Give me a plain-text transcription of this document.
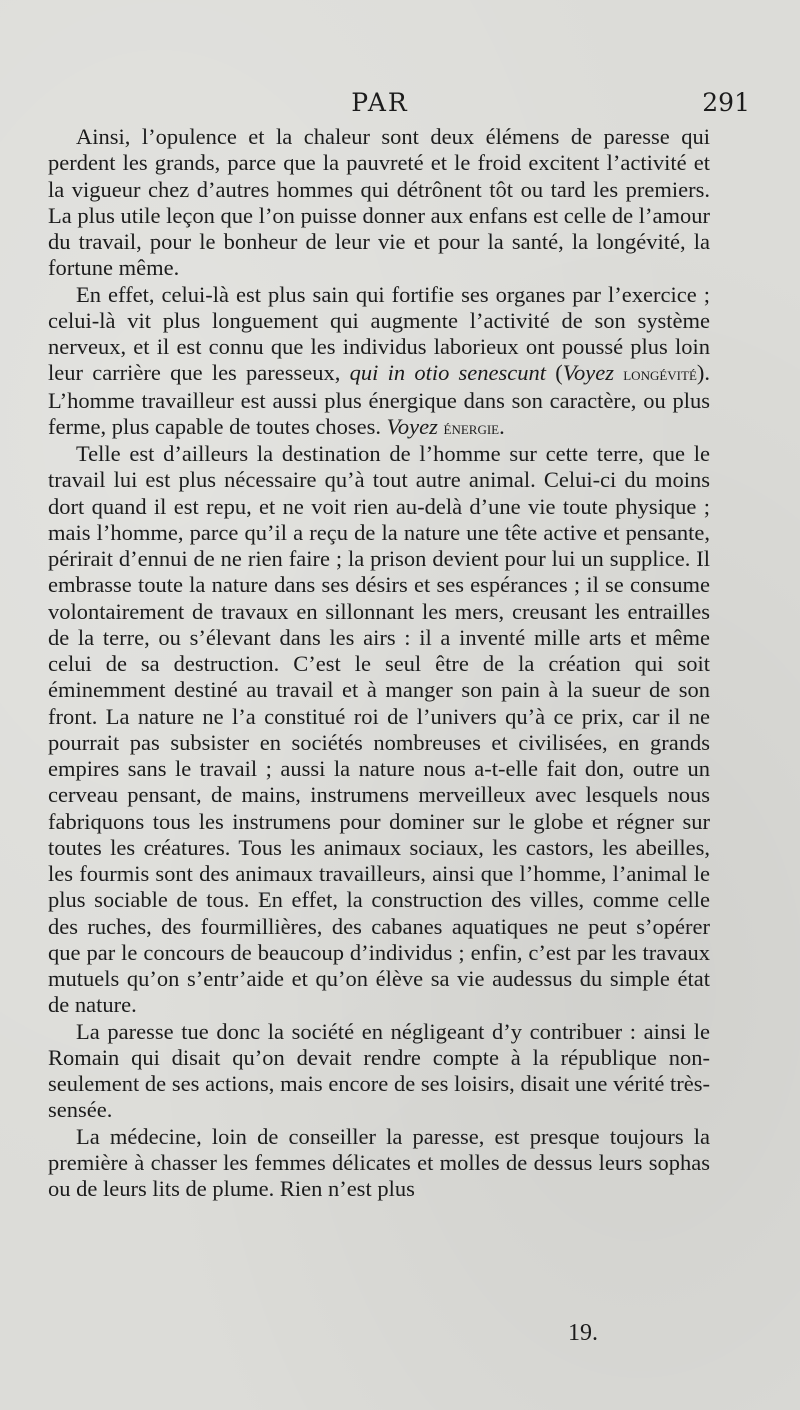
PAR	291

Ainsi, l’opulence et la chaleur sont deux élémens de paresse qui perdent les grands, parce que la pauvreté et le froid excitent l’activité et la vigueur chez d’autres hommes qui détrônent tôt ou tard les premiers. La plus utile leçon que l’on puisse donner aux enfans est celle de l’amour du travail, pour le bonheur de leur vie et pour la santé, la longévité, la fortune même.

En effet, celui-là est plus sain qui fortifie ses organes par l’exercice ; celui-là vit plus longuement qui augmente l’activité de son système nerveux, et il est connu que les individus laborieux ont poussé plus loin leur carrière que les paresseux, qui in otio senescunt (Voyez longévité). L’homme travailleur est aussi plus énergique dans son caractère, ou plus ferme, plus capable de toutes choses. Voyez énergie.

Telle est d’ailleurs la destination de l’homme sur cette terre, que le travail lui est plus nécessaire qu’à tout autre animal. Celui-ci du moins dort quand il est repu, et ne voit rien au-delà d’une vie toute physique ; mais l’homme, parce qu’il a reçu de la nature une tête active et pensante, périrait d’ennui de ne rien faire ; la prison devient pour lui un supplice. Il embrasse toute la nature dans ses désirs et ses espérances ; il se consume volontairement de travaux en sillonnant les mers, creusant les entrailles de la terre, ou s’élevant dans les airs : il a inventé mille arts et même celui de sa destruction. C’est le seul être de la création qui soit éminemment destiné au travail et à manger son pain à la sueur de son front. La nature ne l’a constitué roi de l’univers qu’à ce prix, car il ne pourrait pas subsister en sociétés nombreuses et civilisées, en grands empires sans le travail ; aussi la nature nous a-t-elle fait don, outre un cerveau pensant, de mains, instrumens merveilleux avec lesquels nous fabriquons tous les instrumens pour dominer sur le globe et régner sur toutes les créatures. Tous les animaux sociaux, les castors, les abeilles, les fourmis sont des animaux travailleurs, ainsi que l’homme, l’animal le plus sociable de tous. En effet, la construction des villes, comme celle des ruches, des fourmillières, des cabanes aquatiques ne peut s’opérer que par le concours de beaucoup d’individus ; enfin, c’est par les travaux mutuels qu’on s’entr’aide et qu’on élève sa vie audessus du simple état de nature.

La paresse tue donc la société en négligeant d’y contribuer : ainsi le Romain qui disait qu’on devait rendre compte à la république non-seulement de ses actions, mais encore de ses loisirs, disait une vérité très-sensée.

La médecine, loin de conseiller la paresse, est presque toujours la première à chasser les femmes délicates et molles de dessus leurs sophas ou de leurs lits de plume. Rien n’est plus

19.
